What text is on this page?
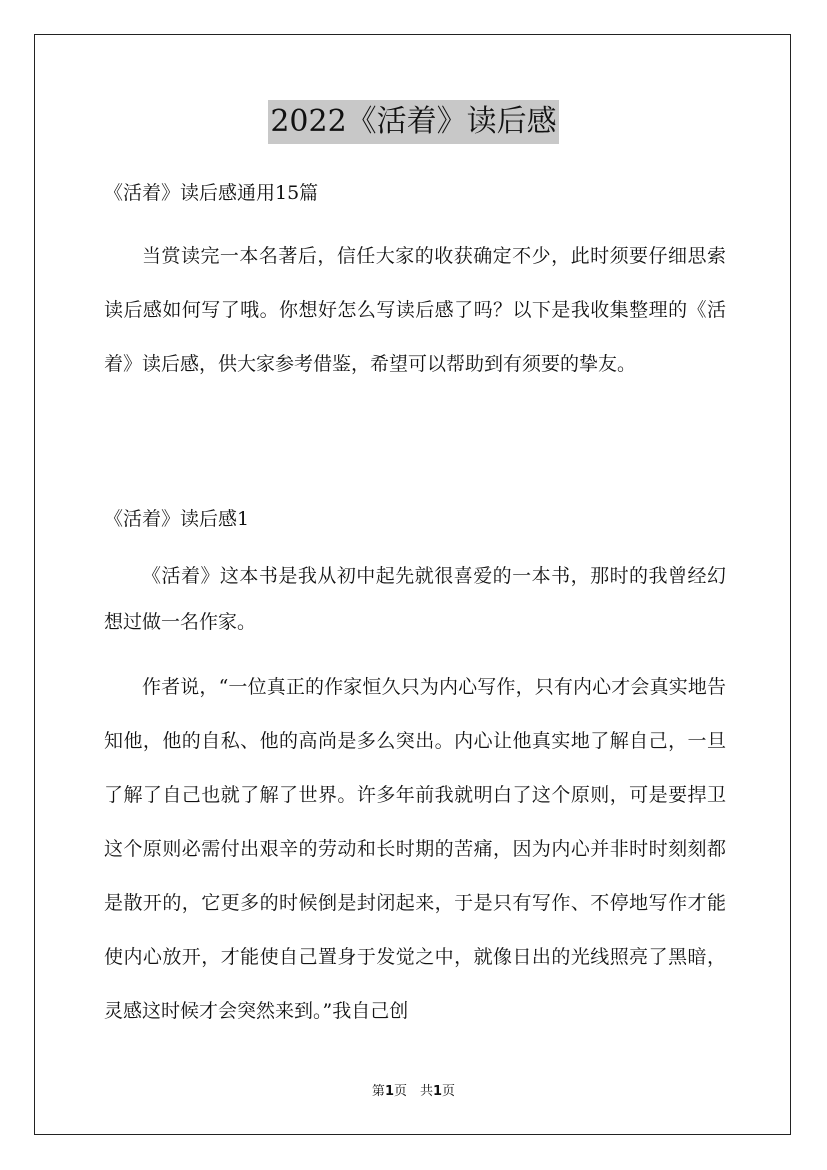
2022《活着》读后感
《活着》读后感通用15篇
当赏读完一本名著后，信任大家的收获确定不少，此时须要仔细思索读后感如何写了哦。你想好怎么写读后感了吗？以下是我收集整理的《活着》读后感，供大家参考借鉴，希望可以帮助到有须要的挚友。
《活着》读后感1
《活着》这本书是我从初中起先就很喜爱的一本书，那时的我曾经幻想过做一名作家。
作者说，“一位真正的作家恒久只为内心写作，只有内心才会真实地告知他，他的自私、他的高尚是多么突出。内心让他真实地了解自己，一旦了解了自己也就了解了世界。许多年前我就明白了这个原则，可是要捍卫这个原则必需付出艰辛的劳动和长时期的苦痛，因为内心并非时时刻刻都是散开的，它更多的时候倒是封闭起来，于是只有写作、不停地写作才能使内心放开，才能使自己置身于发觉之中，就像日出的光线照亮了黑暗，灵感这时候才会突然来到。”我自己创
第1页　共1页
